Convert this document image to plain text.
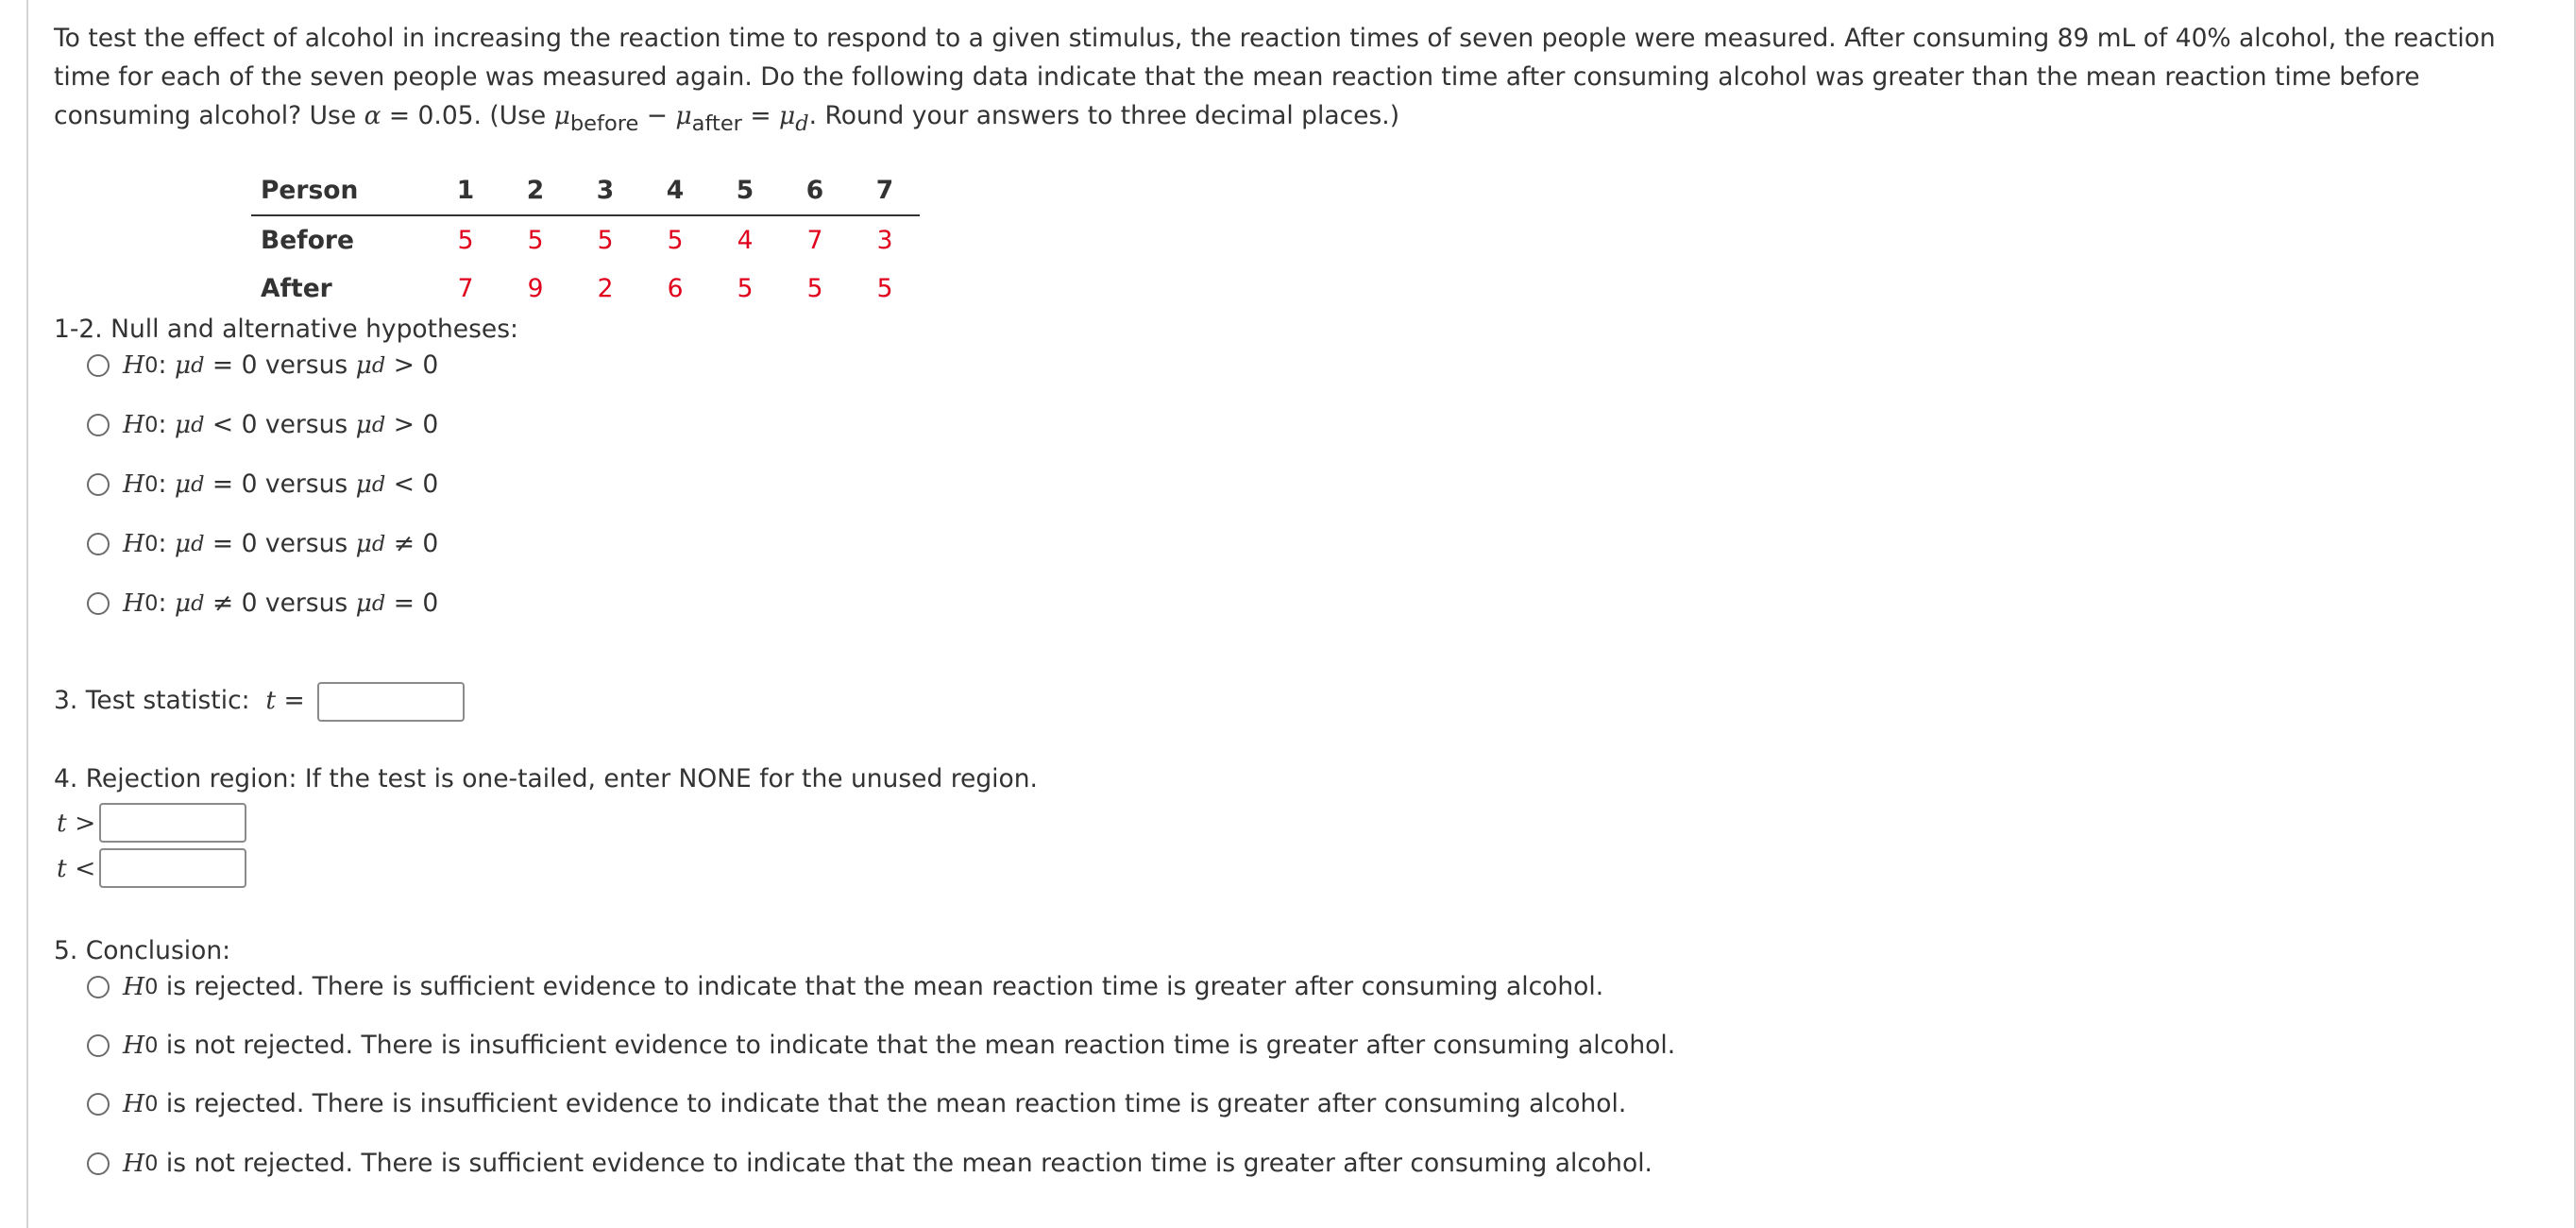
To test the effect of alcohol in increasing the reaction time to respond to a given stimulus, the reaction times of seven people were measured. After consuming 89 mL of 40% alcohol, the reaction time for each of the seven people was measured again. Do the following data indicate that the mean reaction time after consuming alcohol was greater than the mean reaction time before consuming alcohol? Use α = 0.05. (Use $\mu_{before} - \mu_{after} = \mu_d$. Round your answers to three decimal places.)

Person	1	2	3	4	5	6	7
Before	5	5	5	5	4	7	3
After	7	9	2	6	5	5	5

1-2. Null and alternative hypotheses:

H 0 :
μ d
=
0
versus
μ d
>
0
H 0 :
μ d
<
0
versus
μ d
>
0
H 0 :
μ d
=
0
versus
μ d
<
0
H 0 :
μ d
=
0
versus
μ d
≠
0
H 0 :
μ d
≠
0
versus
μ d
=
0

3. Test statistic: t =

4. Rejection region: If the test is one-tailed, enter NONE for the unused region.

t >
t <

5. Conclusion:

H 0
is rejected. There is sufficient evidence to indicate that the mean reaction time is greater after consuming alcohol.
H 0
is not rejected. There is insufficient evidence to indicate that the mean reaction time is greater after consuming alcohol.
H 0
is rejected. There is insufficient evidence to indicate that the mean reaction time is greater after consuming alcohol.
H 0
is not rejected. There is sufficient evidence to indicate that the mean reaction time is greater after consuming alcohol.
